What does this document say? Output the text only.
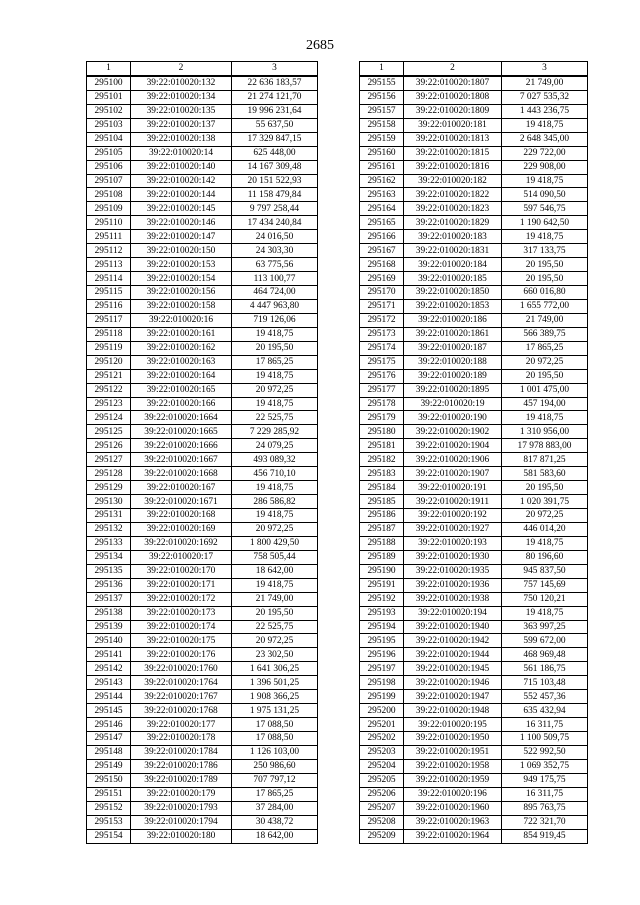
2685
1	2	3
295100	39:22:010020:132	22 636 183,57
295101	39:22:010020:134	21 274 121,70
295102	39:22:010020:135	19 996 231,64
295103	39:22:010020:137	55 637,50
295104	39:22:010020:138	17 329 847,15
295105	39:22:010020:14	625 448,00
295106	39:22:010020:140	14 167 309,48
295107	39:22:010020:142	20 151 522,93
295108	39:22:010020:144	11 158 479,84
295109	39:22:010020:145	9 797 258,44
295110	39:22:010020:146	17 434 240,84
295111	39:22:010020:147	24 016,50
295112	39:22:010020:150	24 303,30
295113	39:22:010020:153	63 775,56
295114	39:22:010020:154	113 100,77
295115	39:22:010020:156	464 724,00
295116	39:22:010020:158	4 447 963,80
295117	39:22:010020:16	719 126,06
295118	39:22:010020:161	19 418,75
295119	39:22:010020:162	20 195,50
295120	39:22:010020:163	17 865,25
295121	39:22:010020:164	19 418,75
295122	39:22:010020:165	20 972,25
295123	39:22:010020:166	19 418,75
295124	39:22:010020:1664	22 525,75
295125	39:22:010020:1665	7 229 285,92
295126	39:22:010020:1666	24 079,25
295127	39:22:010020:1667	493 089,32
295128	39:22:010020:1668	456 710,10
295129	39:22:010020:167	19 418,75
295130	39:22:010020:1671	286 586,82
295131	39:22:010020:168	19 418,75
295132	39:22:010020:169	20 972,25
295133	39:22:010020:1692	1 800 429,50
295134	39:22:010020:17	758 505,44
295135	39:22:010020:170	18 642,00
295136	39:22:010020:171	19 418,75
295137	39:22:010020:172	21 749,00
295138	39:22:010020:173	20 195,50
295139	39:22:010020:174	22 525,75
295140	39:22:010020:175	20 972,25
295141	39:22:010020:176	23 302,50
295142	39:22:010020:1760	1 641 306,25
295143	39:22:010020:1764	1 396 501,25
295144	39:22:010020:1767	1 908 366,25
295145	39:22:010020:1768	1 975 131,25
295146	39:22:010020:177	17 088,50
295147	39:22:010020:178	17 088,50
295148	39:22:010020:1784	1 126 103,00
295149	39:22:010020:1786	250 986,60
295150	39:22:010020:1789	707 797,12
295151	39:22:010020:179	17 865,25
295152	39:22:010020:1793	37 284,00
295153	39:22:010020:1794	30 438,72
295154	39:22:010020:180	18 642,00
1	2	3
295155	39:22:010020:1807	21 749,00
295156	39:22:010020:1808	7 027 535,32
295157	39:22:010020:1809	1 443 236,75
295158	39:22:010020:181	19 418,75
295159	39:22:010020:1813	2 648 345,00
295160	39:22:010020:1815	229 722,00
295161	39:22:010020:1816	229 908,00
295162	39:22:010020:182	19 418,75
295163	39:22:010020:1822	514 090,50
295164	39:22:010020:1823	597 546,75
295165	39:22:010020:1829	1 190 642,50
295166	39:22:010020:183	19 418,75
295167	39:22:010020:1831	317 133,75
295168	39:22:010020:184	20 195,50
295169	39:22:010020:185	20 195,50
295170	39:22:010020:1850	660 016,80
295171	39:22:010020:1853	1 655 772,00
295172	39:22:010020:186	21 749,00
295173	39:22:010020:1861	566 389,75
295174	39:22:010020:187	17 865,25
295175	39:22:010020:188	20 972,25
295176	39:22:010020:189	20 195,50
295177	39:22:010020:1895	1 001 475,00
295178	39:22:010020:19	457 194,00
295179	39:22:010020:190	19 418,75
295180	39:22:010020:1902	1 310 956,00
295181	39:22:010020:1904	17 978 883,00
295182	39:22:010020:1906	817 871,25
295183	39:22:010020:1907	581 583,60
295184	39:22:010020:191	20 195,50
295185	39:22:010020:1911	1 020 391,75
295186	39:22:010020:192	20 972,25
295187	39:22:010020:1927	446 014,20
295188	39:22:010020:193	19 418,75
295189	39:22:010020:1930	80 196,60
295190	39:22:010020:1935	945 837,50
295191	39:22:010020:1936	757 145,69
295192	39:22:010020:1938	750 120,21
295193	39:22:010020:194	19 418,75
295194	39:22:010020:1940	363 997,25
295195	39:22:010020:1942	599 672,00
295196	39:22:010020:1944	468 969,48
295197	39:22:010020:1945	561 186,75
295198	39:22:010020:1946	715 103,48
295199	39:22:010020:1947	552 457,36
295200	39:22:010020:1948	635 432,94
295201	39:22:010020:195	16 311,75
295202	39:22:010020:1950	1 100 509,75
295203	39:22:010020:1951	522 992,50
295204	39:22:010020:1958	1 069 352,75
295205	39:22:010020:1959	949 175,75
295206	39:22:010020:196	16 311,75
295207	39:22:010020:1960	895 763,75
295208	39:22:010020:1963	722 321,70
295209	39:22:010020:1964	854 919,45
